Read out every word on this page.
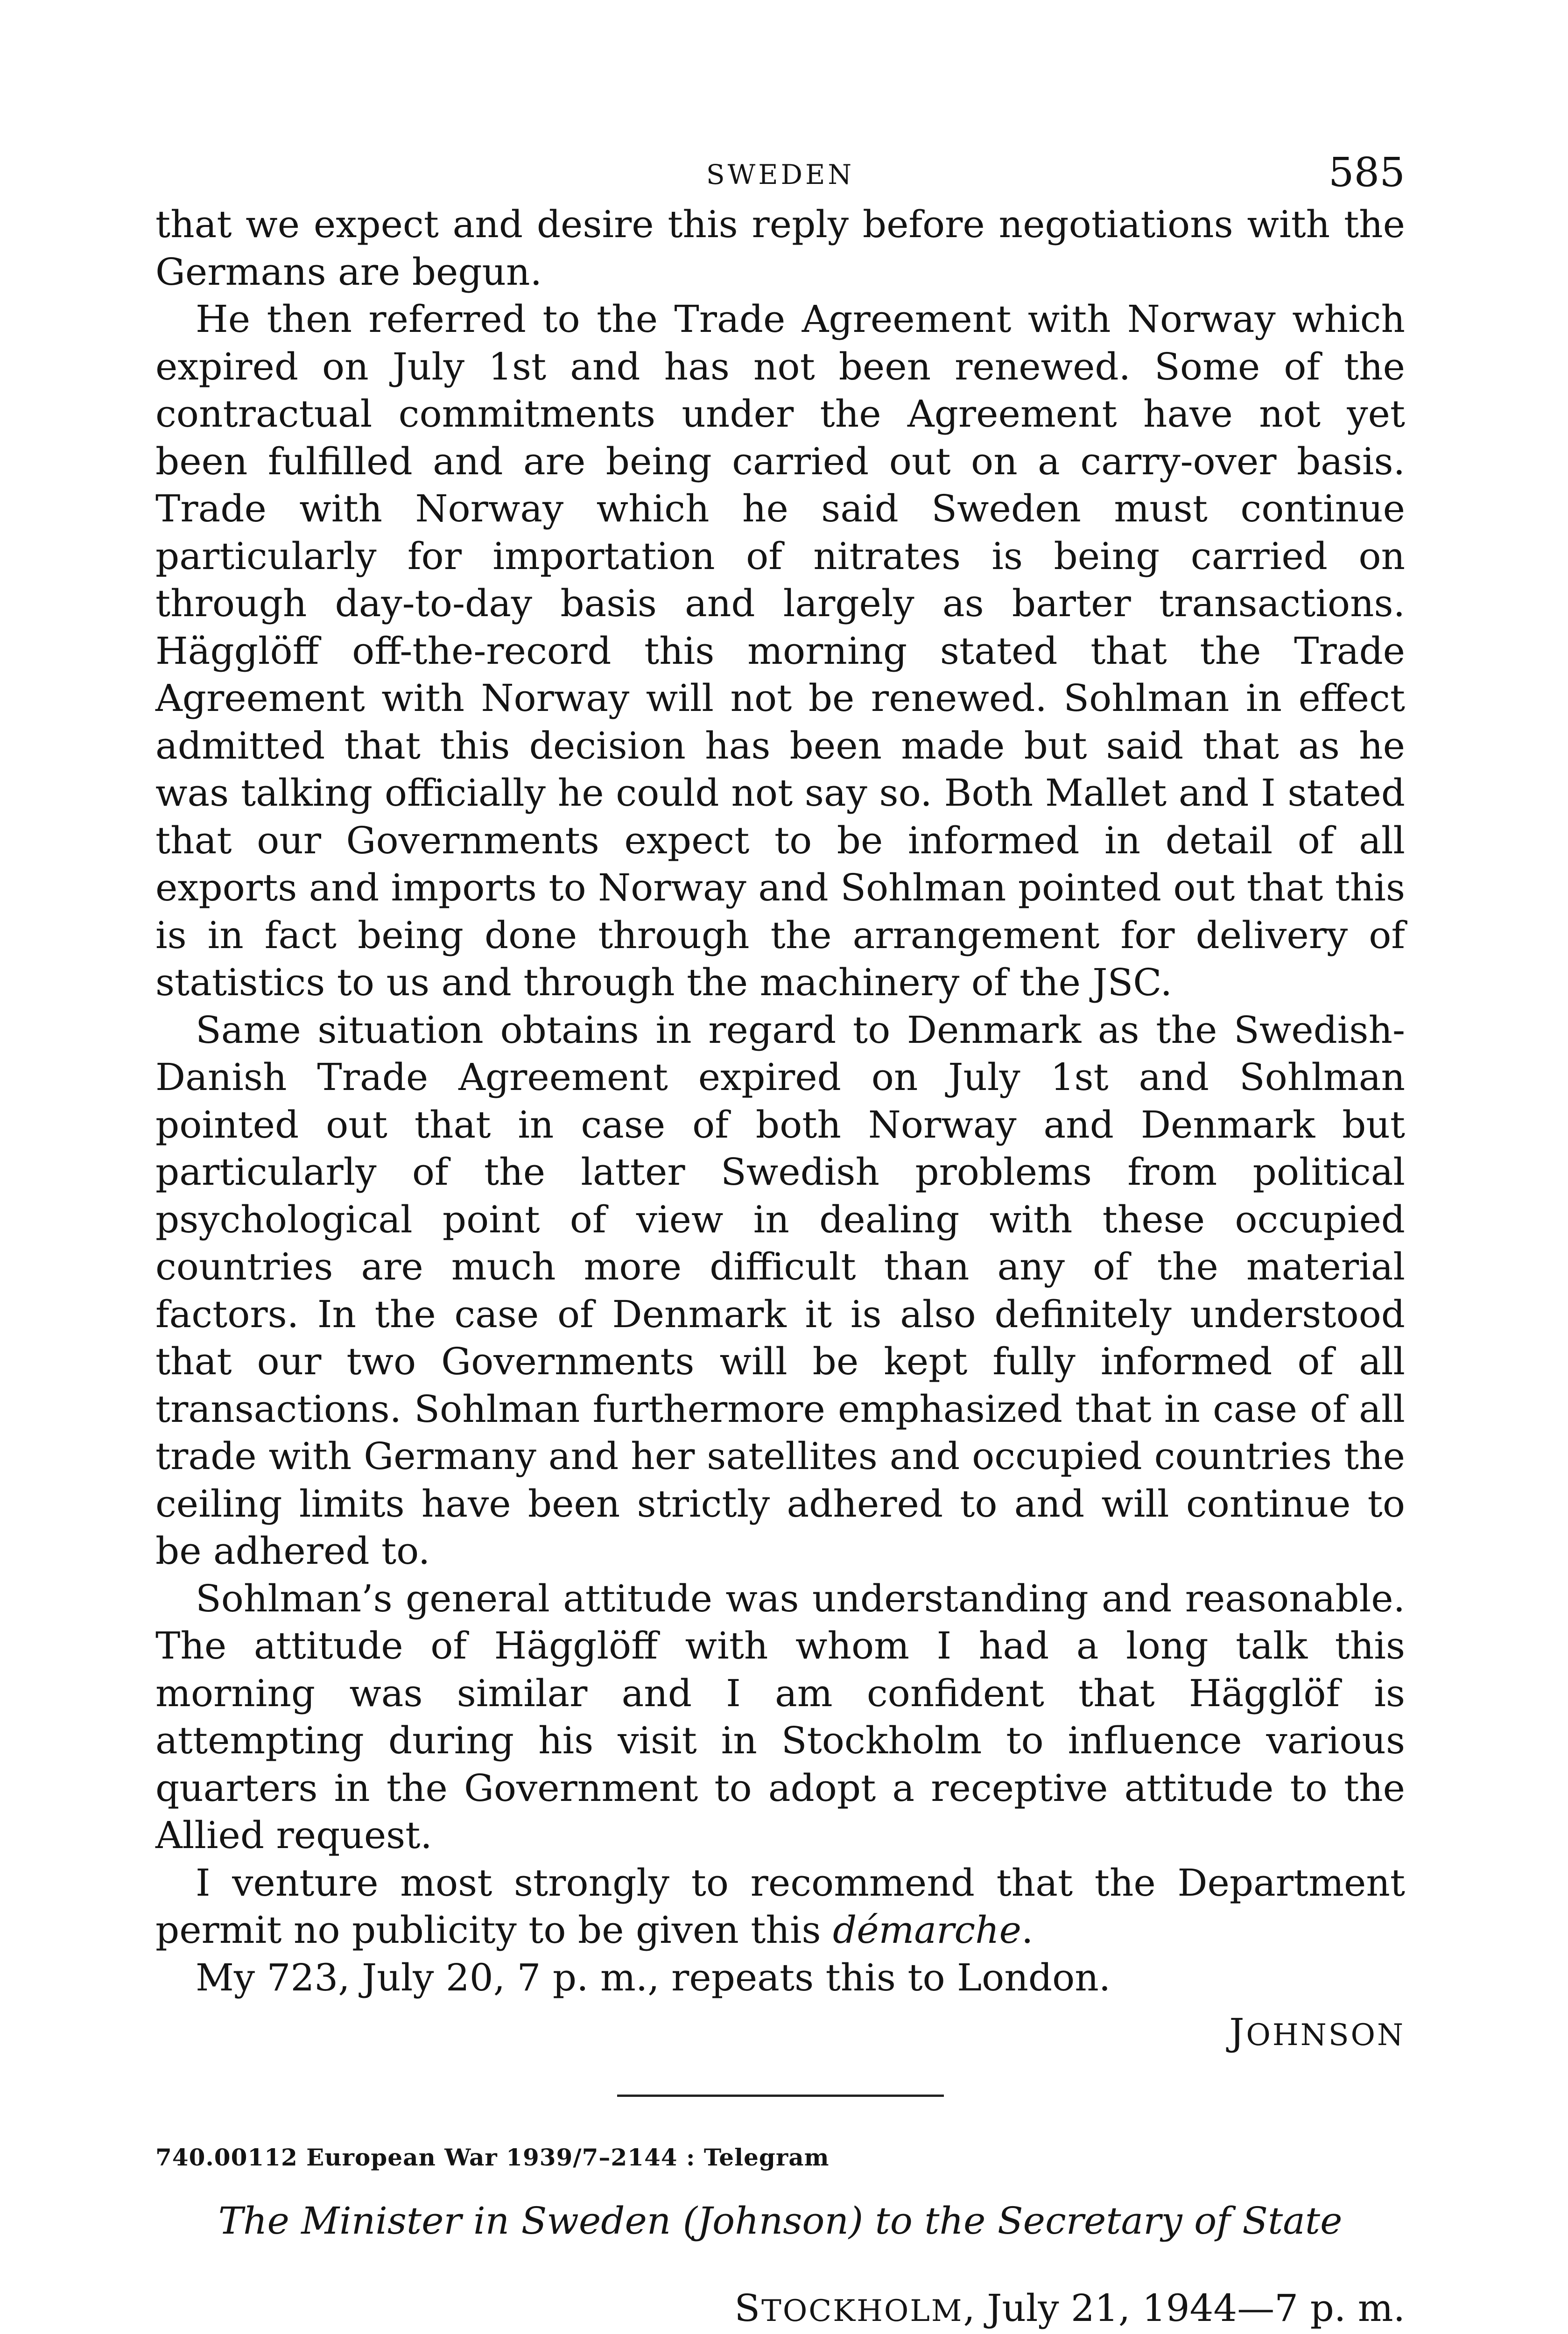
SWEDEN	585

that we expect and desire this reply before negotiations with the Germans are begun.

He then referred to the Trade Agreement with Norway which expired on July 1st and has not been renewed. Some of the contractual commitments under the Agreement have not yet been fulfilled and are being carried out on a carry-over basis. Trade with Norway which he said Sweden must continue particularly for importation of nitrates is being carried on through day-to-day basis and largely as barter transactions. Hägglöff off-the-record this morning stated that the Trade Agreement with Norway will not be renewed. Sohlman in effect admitted that this decision has been made but said that as he was talking officially he could not say so. Both Mallet and I stated that our Governments expect to be informed in detail of all exports and imports to Norway and Sohlman pointed out that this is in fact being done through the arrangement for delivery of statistics to us and through the machinery of the JSC.

Same situation obtains in regard to Denmark as the Swedish-Danish Trade Agreement expired on July 1st and Sohlman pointed out that in case of both Norway and Denmark but particularly of the latter Swedish problems from political psychological point of view in dealing with these occupied countries are much more difficult than any of the material factors. In the case of Denmark it is also definitely understood that our two Governments will be kept fully informed of all transactions. Sohlman furthermore emphasized that in case of all trade with Germany and her satellites and occupied countries the ceiling limits have been strictly adhered to and will continue to be adhered to.

Sohlman’s general attitude was understanding and reasonable. The attitude of Hägglöff with whom I had a long talk this morning was similar and I am confident that Hägglöf is attempting during his visit in Stockholm to influence various quarters in the Government to adopt a receptive attitude to the Allied request.

I venture most strongly to recommend that the Department permit no publicity to be given this démarche.

My 723, July 20, 7 p. m., repeats this to London.

JOHNSON
740.00112 European War 1939/7–2144 : Telegram
The Minister in Sweden (Johnson) to the Secretary of State
STOCKHOLM, July 21, 1944—7 p. m.
